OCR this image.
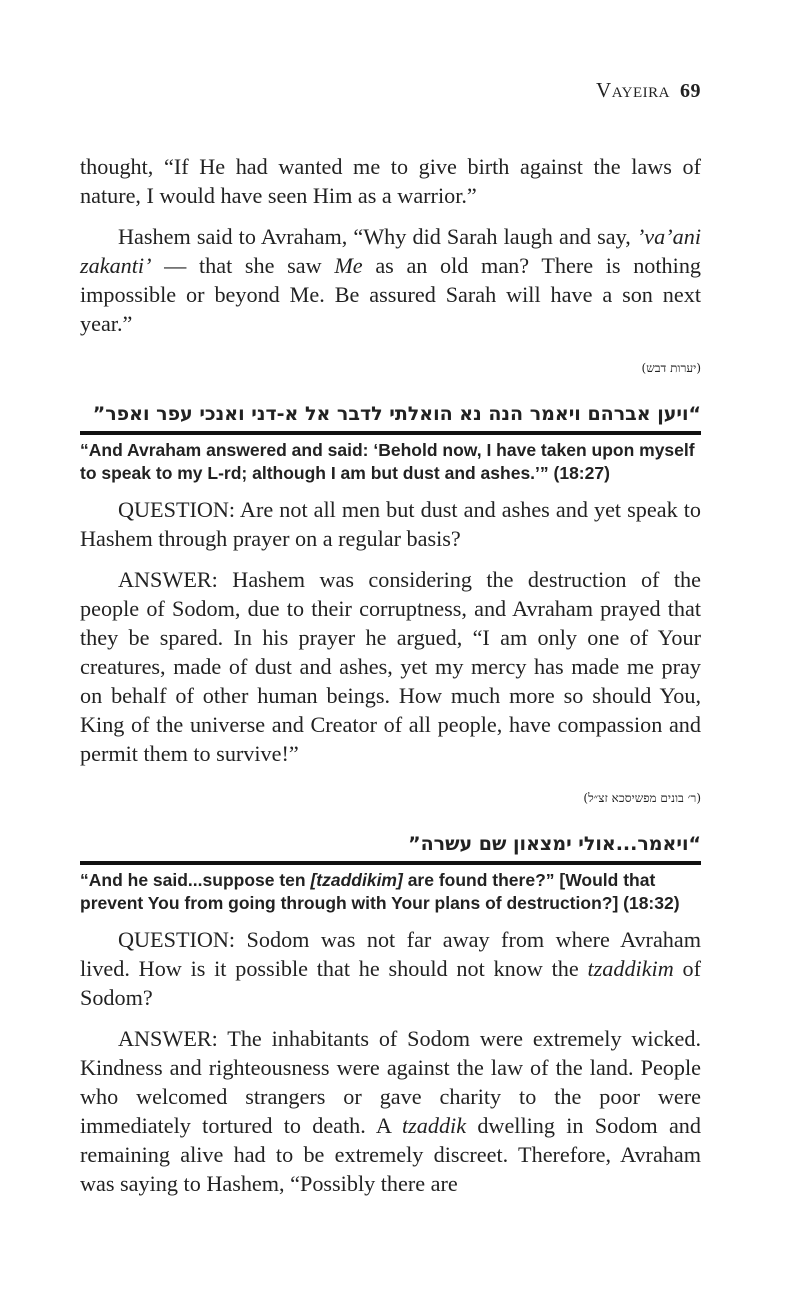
Vayeira 69

thought, “If He had wanted me to give birth against the laws of nature, I would have seen Him as a warrior.”

Hashem said to Avraham, “Why did Sarah laugh and say, ’va’ani zakanti’ — that she saw Me as an old man? There is nothing impossible or beyond Me. Be assured Sarah will have a son next year.”

(יערות דבש)
“ויען אברהם ויאמר הנה נא הואלתי לדבר אל א-דני ואנכי עפר ואפר”
“And Avraham answered and said: ‘Behold now, I have taken upon myself to speak to my L-rd; although I am but dust and ashes.’” (18:27)

QUESTION: Are not all men but dust and ashes and yet speak to Hashem through prayer on a regular basis?

ANSWER: Hashem was considering the destruction of the people of Sodom, due to their corruptness, and Avraham prayed that they be spared. In his prayer he argued, “I am only one of Your creatures, made of dust and ashes, yet my mercy has made me pray on behalf of other human beings. How much more so should You, King of the universe and Creator of all people, have compassion and permit them to survive!”

(ר׳ בונים מפשיסכא זצ״ל)
“ויאמר...אולי ימצאון שם עשרה”
“And he said...suppose ten [tzaddikim] are found there?” [Would that prevent You from going through with Your plans of destruction?] (18:32)

QUESTION: Sodom was not far away from where Avraham lived. How is it possible that he should not know the tzaddikim of Sodom?

ANSWER: The inhabitants of Sodom were extremely wicked. Kindness and righteousness were against the law of the land. People who welcomed strangers or gave charity to the poor were immediately tortured to death. A tzaddik dwelling in Sodom and remaining alive had to be extremely discreet. Therefore, Avraham was saying to Hashem, “Possibly there are
